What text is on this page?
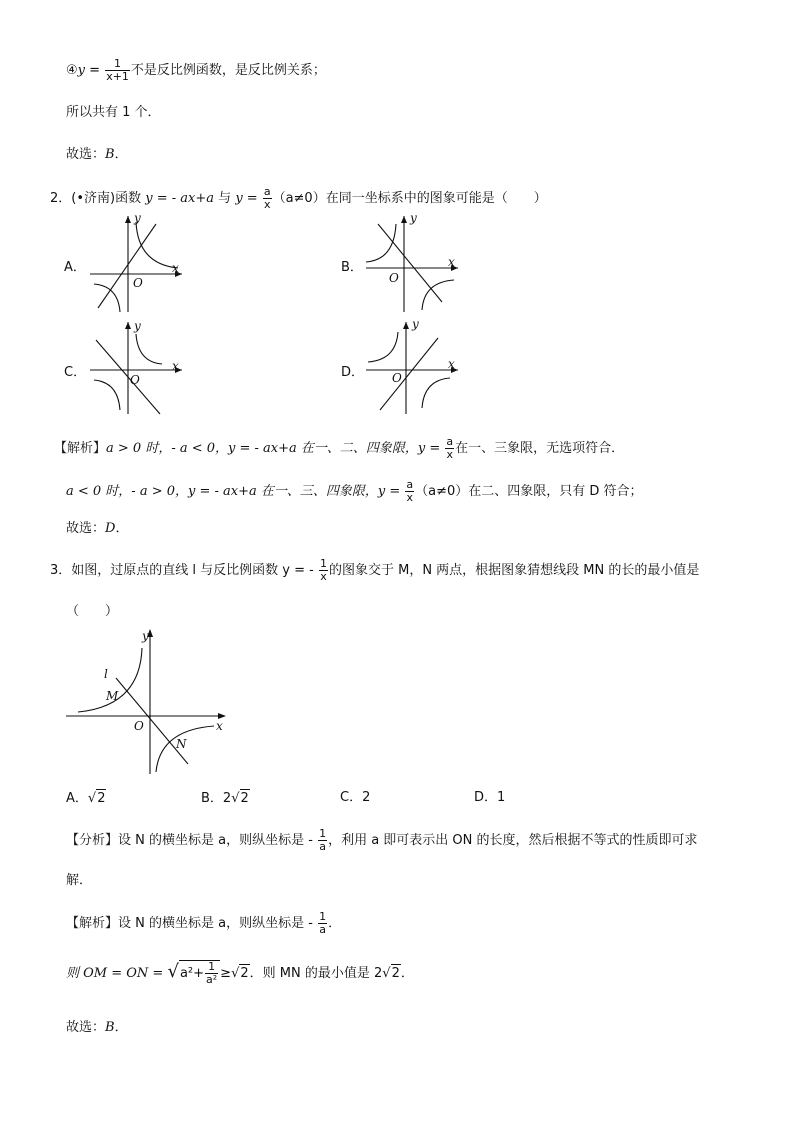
④y = $\frac{1}{x+1}$ 不是反比例函数，是反比例关系；
所以共有 1 个．
故选：B．
2．(•济南)函数 y = - ax+a 与 $y = \frac{a}{x} (a\ne 0)$在同一坐标系中的图象可能是（　　）
A．
y
x
O
B．
y
x
O
C．
y
x
O	D．
y
x
O
【解析】a > 0 时，- a < 0，y = - ax+a 在一、二、四象限，$y = \frac{a}{x}$ 在一、三象限，无选项符合．
a < 0 时，- a > 0，y = - ax+a 在一、三、四象限，$y = \frac{a}{x} (a\ne 0)$在二、四象限，只有 D 符合；
故选：D．
3．如图，过原点的直线 l 与反比例函数 y = - $\frac{1}{x}$ 的图象交于 M，N 两点，根据图象猜想线段 MN 的长的最小值是
（　　）
y
x
l
M
O
N
A．√2	B．2√2	C．2	D．1
【分析】设 N 的横坐标是 a，则纵坐标是 - $\frac{1}{a}$ ，利用 a 即可表示出 ON 的长度，然后根据不等式的性质即可求
解．
【解析】设 N 的横坐标是 a，则纵坐标是 - $\frac{1}{a}$ ．
则 OM = ON = $√a^2+ \frac{1}{\text{a²}} \ge√2$．则 MN 的最小值是 2√2．
故选：B．
